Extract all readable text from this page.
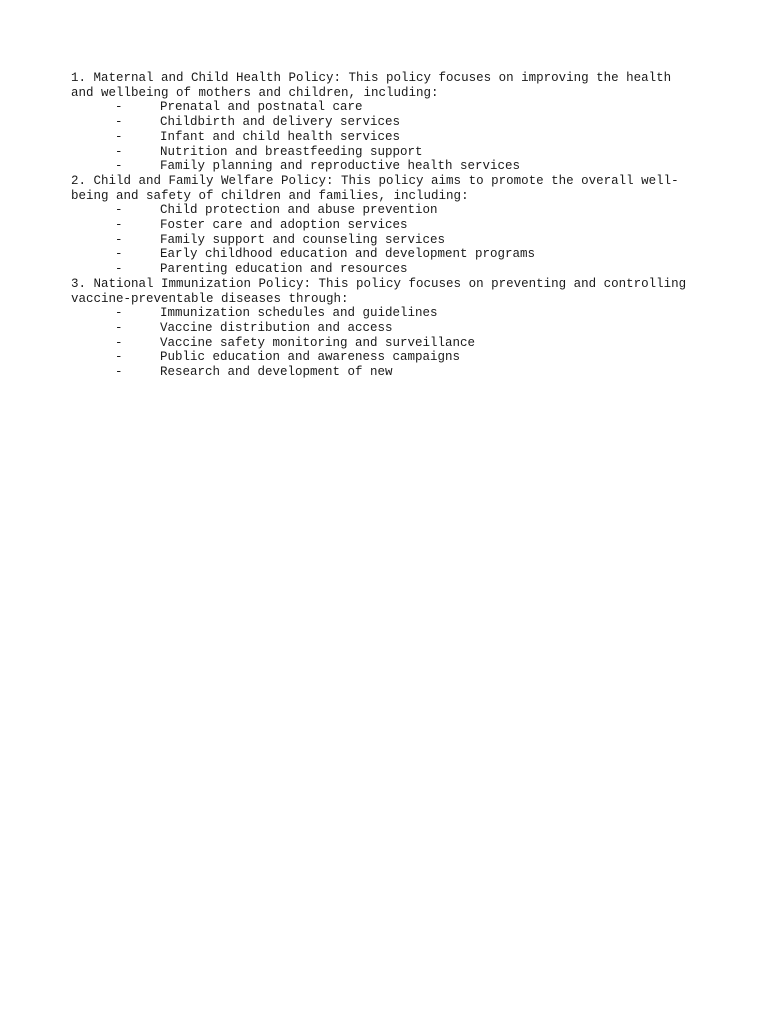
1. Maternal and Child Health Policy: This policy focuses on improving the health
and wellbeing of mothers and children, including:
-	Prenatal and postnatal care
-	Childbirth and delivery services
-	Infant and child health services
-	Nutrition and breastfeeding support
-	Family planning and reproductive health services
2. Child and Family Welfare Policy: This policy aims to promote the overall well-
being and safety of children and families, including:
-	Child protection and abuse prevention
-	Foster care and adoption services
-	Family support and counseling services
-	Early childhood education and development programs
-	Parenting education and resources
3. National Immunization Policy: This policy focuses on preventing and controlling
vaccine-preventable diseases through:
-	Immunization schedules and guidelines
-	Vaccine distribution and access
-	Vaccine safety monitoring and surveillance
-	Public education and awareness campaigns
-	Research and development of new
